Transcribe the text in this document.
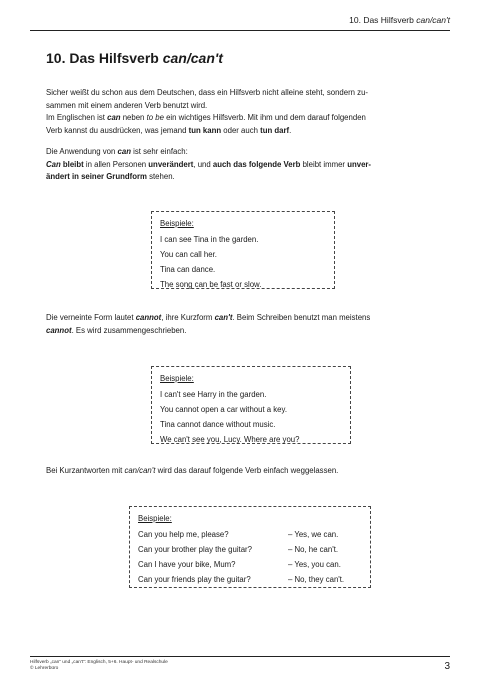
10. Das Hilfsverb can/can't
10. Das Hilfsverb can/can't
Sicher weißt du schon aus dem Deutschen, dass ein Hilfsverb nicht alleine steht, sondern zu-
sammen mit einem anderen Verb benutzt wird.
Im Englischen ist can neben to be ein wichtiges Hilfsverb. Mit ihm und dem darauf folgenden
Verb kannst du ausdrücken, was jemand tun kann oder auch tun darf.
Die Anwendung von can ist sehr einfach:
Can bleibt in allen Personen unverändert, und auch das folgende Verb bleibt immer unver-
ändert in seiner Grundform stehen.
Beispiele:
I can see Tina in the garden.
You can call her.
Tina can dance.
The song can be fast or slow.
Die verneinte Form lautet cannot, ihre Kurzform can't. Beim Schreiben benutzt man meistens
cannot. Es wird zusammengeschrieben.
Beispiele:
I can't see Harry in the garden.
You cannot open a car without a key.
Tina cannot dance without music.
We can't see you, Lucy. Where are you?
Bei Kurzantworten mit can/can't wird das darauf folgende Verb einfach weggelassen.
Beispiele:
Can you help me, please?	– Yes, we can.
Can your brother play the guitar?	– No, he can't.
Can I have your bike, Mum?	– Yes, you can.
Can your friends play the guitar?	– No, they can't.
Hilfsverb „can“ und „can't“: Englisch, 5+6. Haupt- und Realschule
© Lehrerbüro	3
